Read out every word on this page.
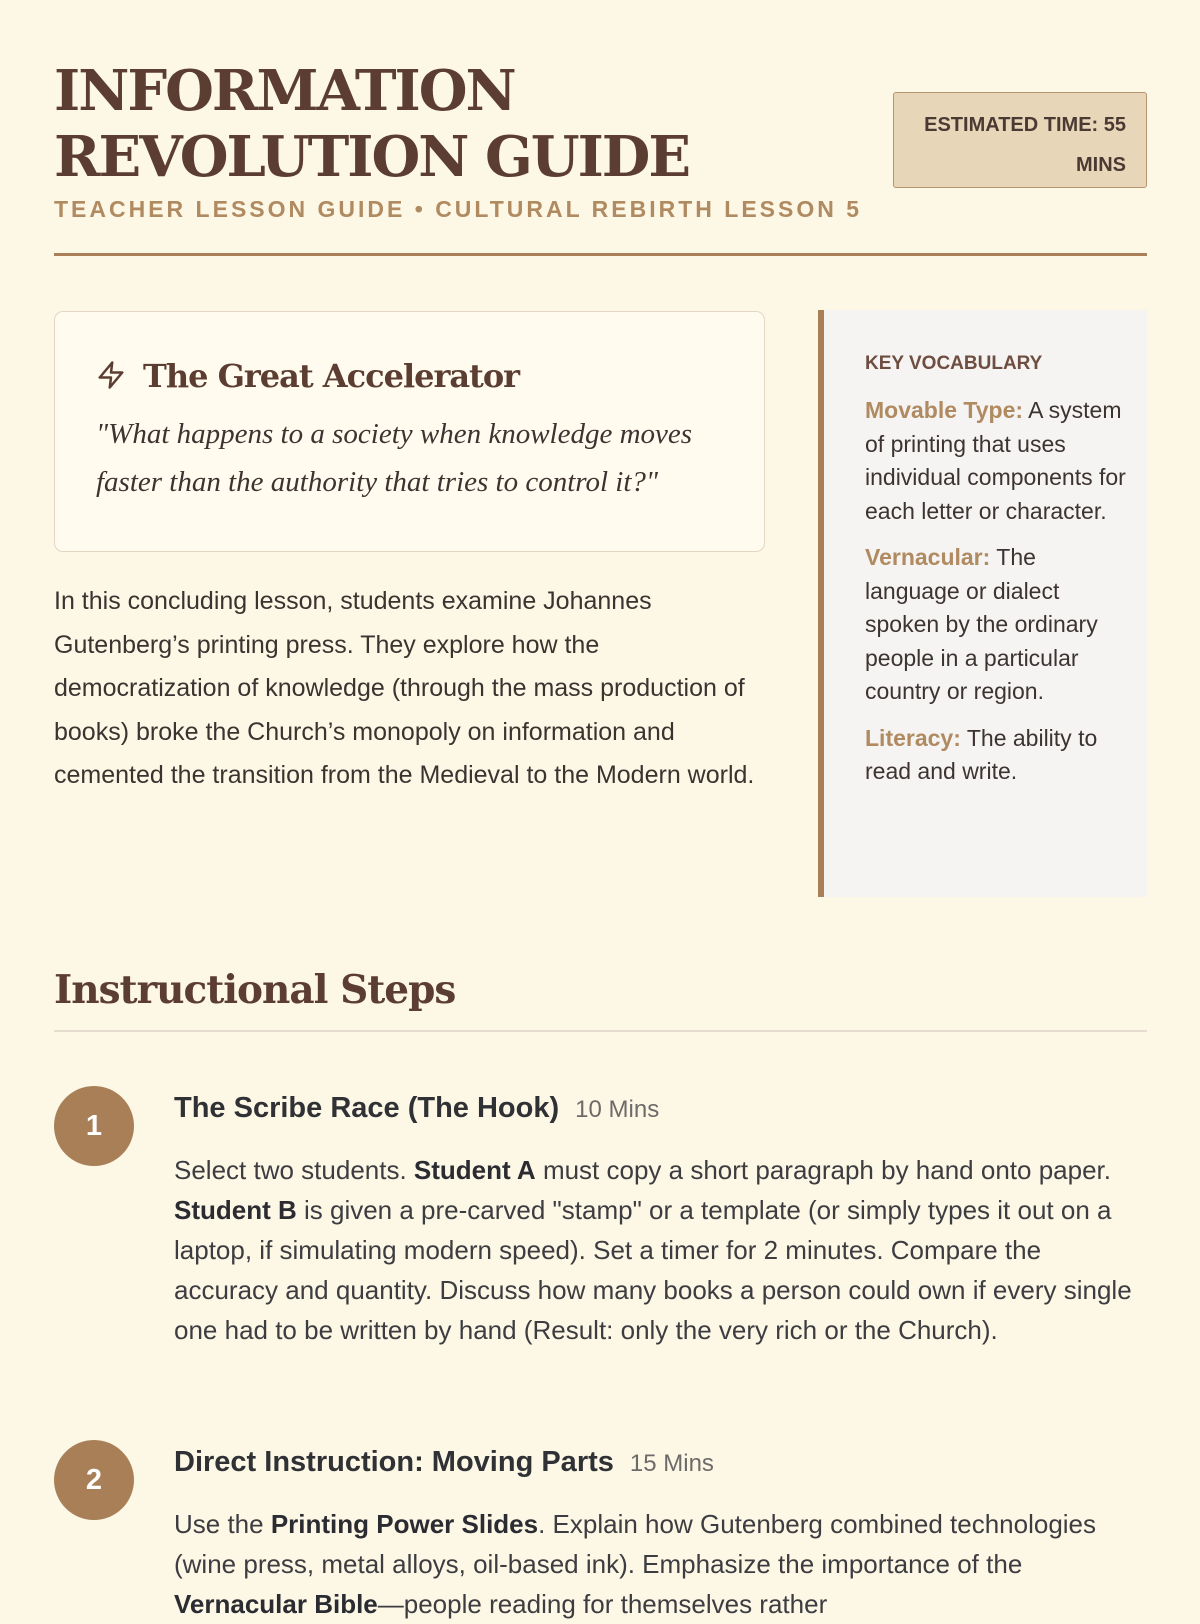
INFORMATION REVOLUTION GUIDE
TEACHER LESSON GUIDE • CULTURAL REBIRTH LESSON 5
ESTIMATED TIME: 55 MINS
The Great Accelerator

"What happens to a society when knowledge moves faster than the authority that tries to control it?"

In this concluding lesson, students examine Johannes Gutenberg’s printing press. They explore how the democratization of knowledge (through the mass production of books) broke the Church’s monopoly on information and cemented the transition from the Medieval to the Modern world.

KEY VOCABULARY
Movable Type: A system of printing that uses individual components for each letter or character.
Vernacular: The language or dialect spoken by the ordinary people in a particular country or region.
Literacy: The ability to read and write.
Instructional Steps
1
The Scribe Race (The Hook) 10 Mins

Select two students. Student A must copy a short paragraph by hand onto paper. Student B is given a pre-carved "stamp" or a template (or simply types it out on a laptop, if simulating modern speed). Set a timer for 2 minutes. Compare the accuracy and quantity. Discuss how many books a person could own if every single one had to be written by hand (Result: only the very rich or the Church).

2
Direct Instruction: Moving Parts 15 Mins

Use the Printing Power Slides. Explain how Gutenberg combined technologies (wine press, metal alloys, oil-based ink). Emphasize the importance of the Vernacular Bible—people reading for themselves rather
